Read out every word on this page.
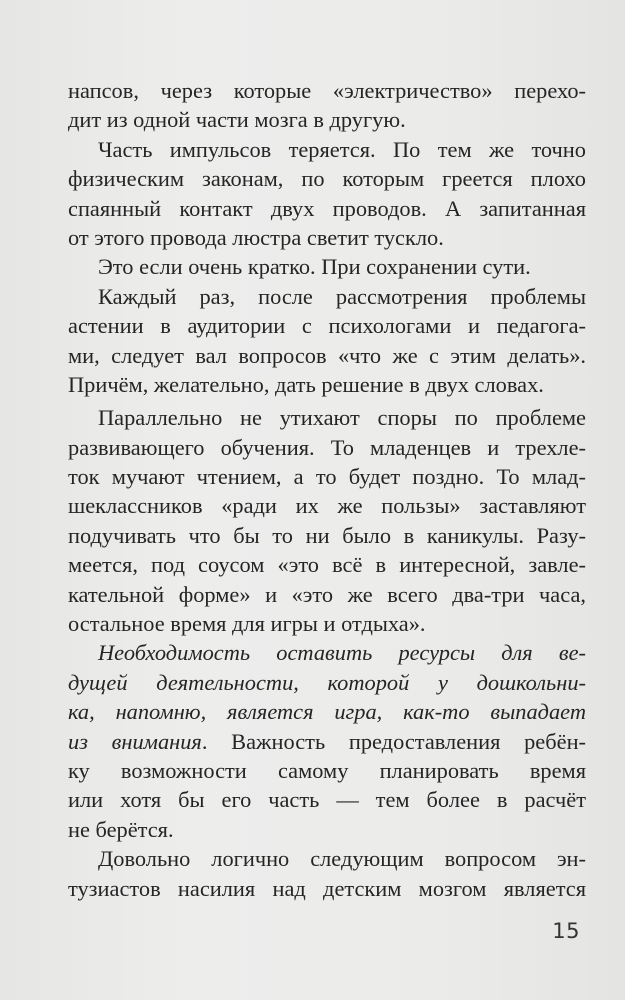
напсов, через которые «электричество» перехо-
дит из одной части мозга в другую.
Часть импульсов теряется. По тем же точно
физическим законам, по которым греется плохо
спаянный контакт двух проводов. А запитанная
от этого провода люстра светит тускло.
Это если очень кратко. При сохранении сути.
Каждый раз, после рассмотрения проблемы
астении в аудитории с психологами и педагога-
ми, следует вал вопросов «что же с этим делать».
Причём, желательно, дать решение в двух словах.
Параллельно не утихают споры по проблеме
развивающего обучения. То младенцев и трехле-
ток мучают чтением, а то будет поздно. То млад-
шеклассников «ради их же пользы» заставляют
подучивать что бы то ни было в каникулы. Разу-
меется, под соусом «это всё в интересной, завле-
кательной форме» и «это же всего два-три часа,
остальное время для игры и отдыха».
Необходимость оставить ресурсы для ве-
дущей деятельности, которой у дошкольни-
ка, напомню, является игра, как-то выпадает
из внимания. Важность предоставления ребён-
ку возможности самому планировать время
или хотя бы его часть — тем более в расчёт
не берётся.
Довольно логично следующим вопросом эн-
тузиастов насилия над детским мозгом является
15
